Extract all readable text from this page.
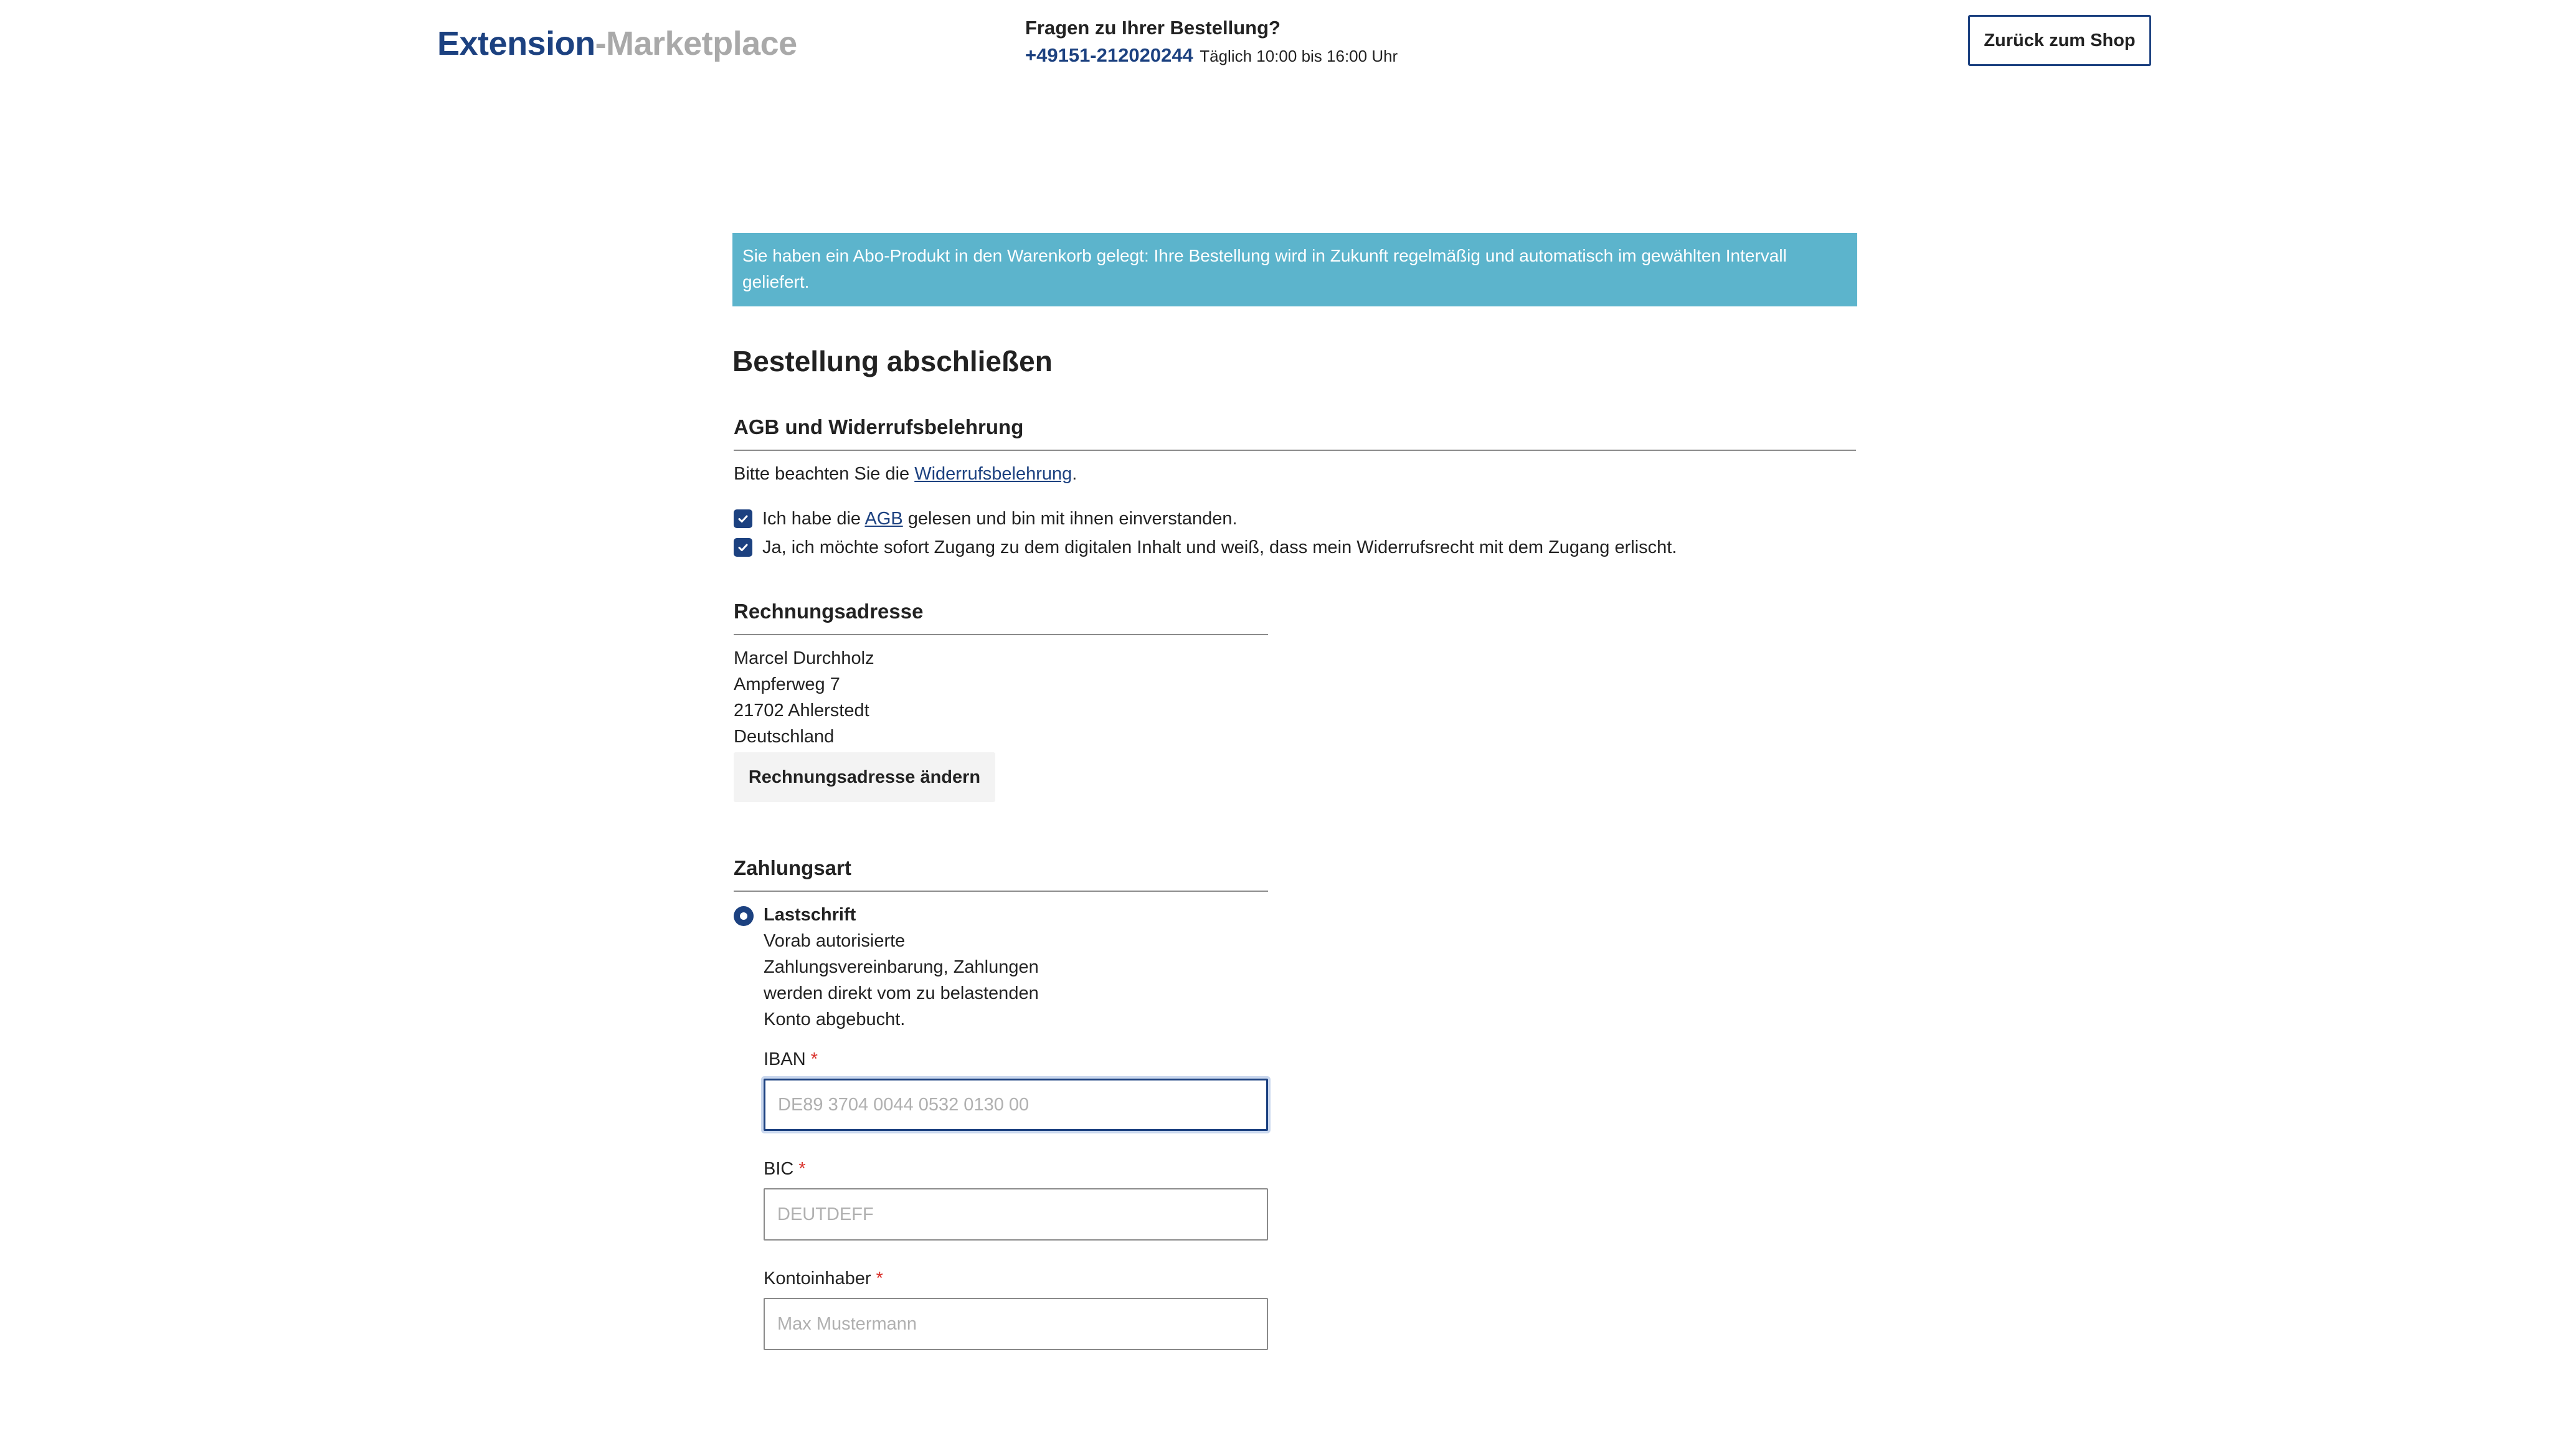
Extension-Marketplace	Fragen zu Ihrer Bestellung?
+49151-212020244 Täglich 10:00 bis 16:00 Uhr
Zurück zum Shop
Sie haben ein Abo-Produkt in den Warenkorb gelegt: Ihre Bestellung wird in Zukunft regelmäßig und automatisch im gewählten Intervall geliefert.
Bestellung abschließen
AGB und Widerrufsbelehrung
Bitte beachten Sie die Widerrufsbelehrung.
Ich habe die AGB gelesen und bin mit ihnen einverstanden.
Ja, ich möchte sofort Zugang zu dem digitalen Inhalt und weiß, dass mein Widerrufsrecht mit dem Zugang erlischt.
Rechnungsadresse
Marcel Durchholz
Ampferweg 7
21702 Ahlerstedt
Deutschland
Rechnungsadresse ändern
Zahlungsart
Lastschrift
Vorab autorisierte Zahlungsvereinbarung, Zahlungen werden direkt vom zu belastenden Konto abgebucht.
IBAN *
DE89 3704 0044 0532 0130 00
BIC *
DEUTDEFF
Kontoinhaber *
Max Mustermann
